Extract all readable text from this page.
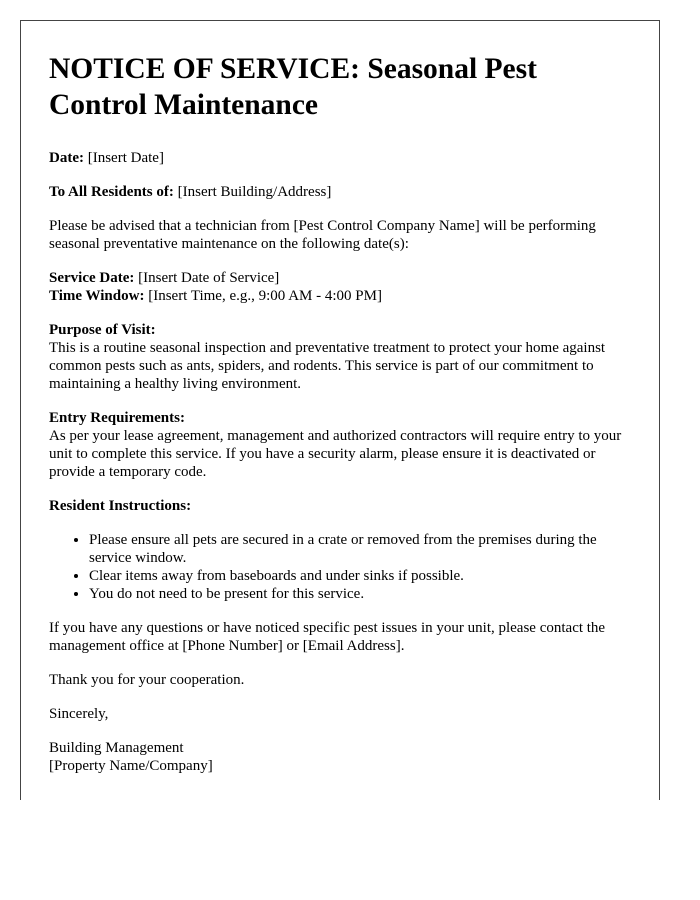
NOTICE OF SERVICE: Seasonal Pest Control Maintenance

Date: [Insert Date]

To All Residents of: [Insert Building/Address]

Please be advised that a technician from [Pest Control Company Name] will be performing seasonal preventative maintenance on the following date(s):

Service Date: [Insert Date of Service]
Time Window: [Insert Time, e.g., 9:00 AM - 4:00 PM]

Purpose of Visit:
This is a routine seasonal inspection and preventative treatment to protect your home against common pests such as ants, spiders, and rodents. This service is part of our commitment to maintaining a healthy living environment.

Entry Requirements:
As per your lease agreement, management and authorized contractors will require entry to your unit to complete this service. If you have a security alarm, please ensure it is deactivated or provide a temporary code.

Resident Instructions:

• Please ensure all pets are secured in a crate or removed from the premises during the service window.
• Clear items away from baseboards and under sinks if possible.
• You do not need to be present for this service.

If you have any questions or have noticed specific pest issues in your unit, please contact the management office at [Phone Number] or [Email Address].

Thank you for your cooperation.

Sincerely,

Building Management
[Property Name/Company]
